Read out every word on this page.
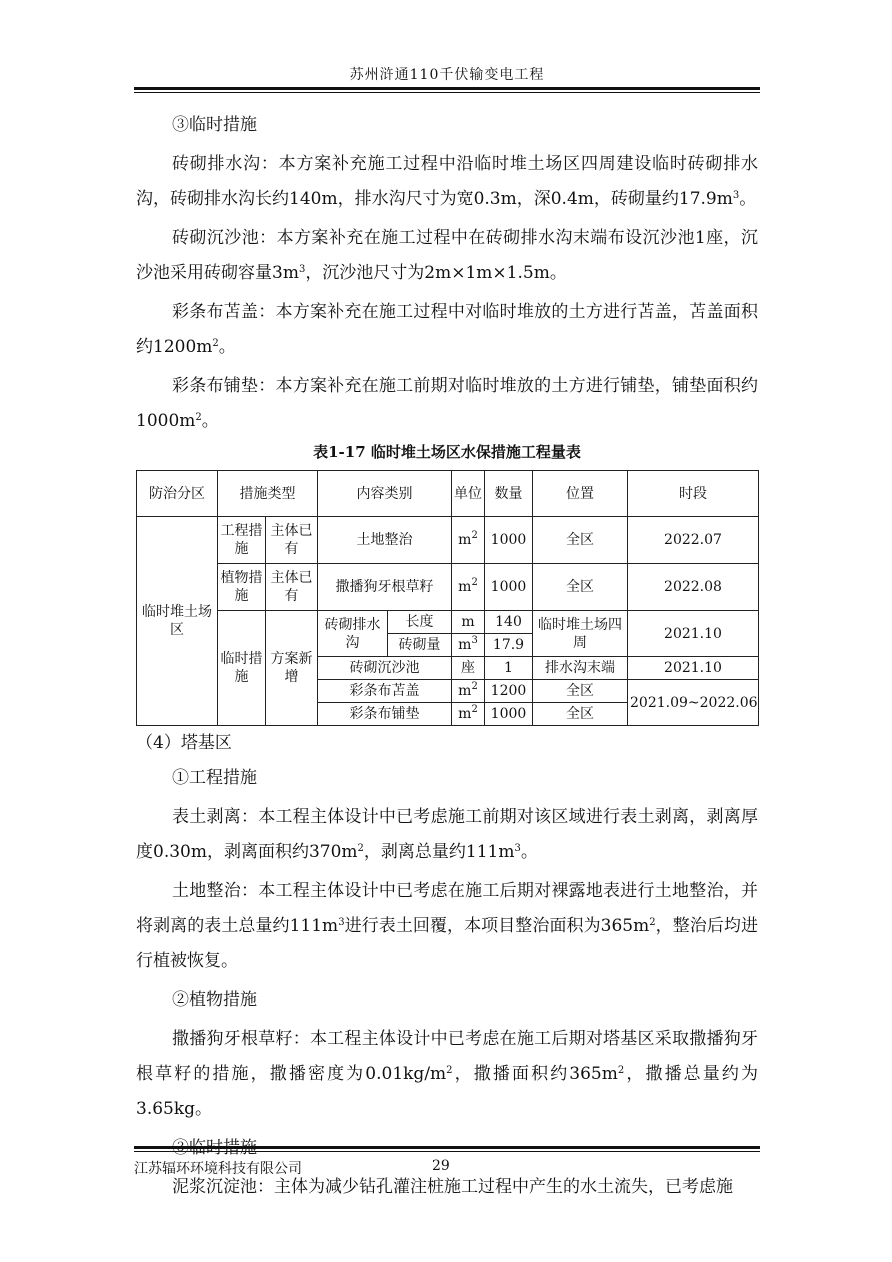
苏州浒通110千伏输变电工程

③临时措施

砖砌排水沟：本方案补充施工过程中沿临时堆土场区四周建设临时砖砌排水沟，砖砌排水沟长约140m，排水沟尺寸为宽0.3m，深0.4m，砖砌量约$17.9m^3$。

砖砌沉沙池：本方案补充在施工过程中在砖砌排水沟末端布设沉沙池1座，沉沙池采用砖砌容量$3m^3$，沉沙池尺寸为2m×1m×1.5m。

彩条布苫盖：本方案补充在施工过程中对临时堆放的土方进行苫盖，苫盖面积约$1200m^2$。

彩条布铺垫：本方案补充在施工前期对临时堆放的土方进行铺垫，铺垫面积约$1000m^2$。

表1-17 临时堆土场区水保措施工程量表
防治分区	措施类型		内容类别		单位	数量	位置	时段
临时堆土场区	工程措施	主体已有	土地整治		$m^2$	1000	全区	2022.07
	植物措施	主体已有	撒播狗牙根草籽		$m^2$	1000	全区	2022.08
	临时措施	方案新增	砖砌排水沟	长度	m	140	临时堆土场四周	2021.10
				砖砌量	$m^3$	17.9		
			砖砌沉沙池		座	1	排水沟末端	2021.10
			彩条布苫盖		$m^2$	1200	全区	2021.09~2022.06
			彩条布铺垫		$m^2$	1000	全区	

（4）塔基区

①工程措施

表土剥离：本工程主体设计中已考虑施工前期对该区域进行表土剥离，剥离厚度0.30m，剥离面积约$370m^2$，剥离总量约$111m^3$。

土地整治：本工程主体设计中已考虑在施工后期对裸露地表进行土地整治，并将剥离的表土总量约$111m^3$进行表土回覆，本项目整治面积为$365m^2$，整治后均进行植被恢复。

②植物措施

撒播狗牙根草籽：本工程主体设计中已考虑在施工后期对塔基区采取撒播狗牙根草籽的措施，撒播密度为$0.01kg/m^2$，撒播面积约$365m^2$，撒播总量约为3.65kg。

泥浆沉淀池：主体为减少钻孔灌注桩施工过程中产生的水土流失，已考虑施

江苏辐环环境科技有限公司	29
